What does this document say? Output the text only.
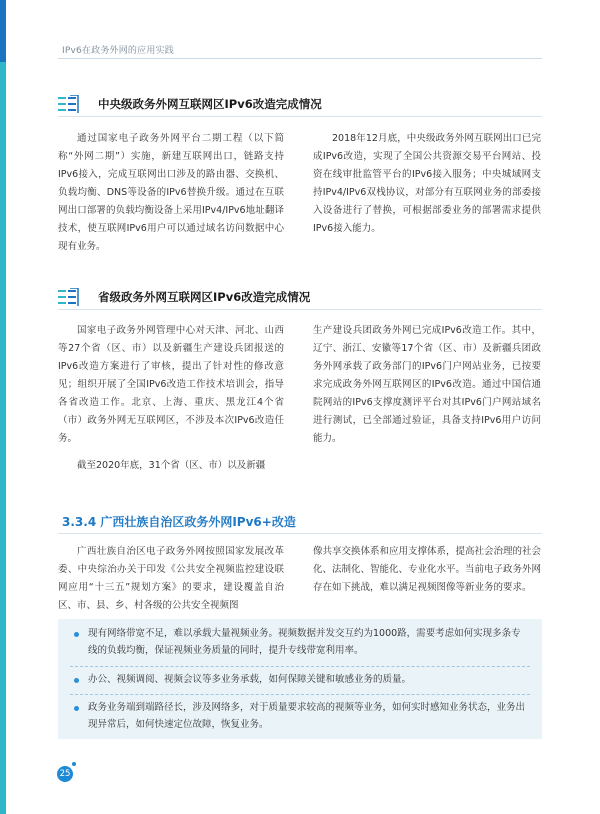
IPv6在政务外网的应用实践
中央级政务外网互联网区IPv6改造完成情况

通过国家电子政务外网平台二期工程（以下简称“外网二期”）实施，新建互联网出口，链路支持IPv6接入，完成互联网出口涉及的路由器、交换机、负载均衡、DNS等设备的IPv6替换升级。通过在互联网出口部署的负载均衡设备上采用IPv4/IPv6地址翻译技术，使互联网IPv6用户可以通过域名访问数据中心现有业务。

2018年12月底，中央级政务外网互联网出口已完成IPv6改造，实现了全国公共资源交易平台网站、投资在线审批监管平台的IPv6接入服务；中央城域网支持IPv4/IPv6双栈协议，对部分有互联网业务的部委接入设备进行了替换，可根据部委业务的部署需求提供IPv6接入能力。

省级政务外网互联网区IPv6改造完成情况

国家电子政务外网管理中心对天津、河北、山西等27个省（区、市）以及新疆生产建设兵团报送的IPv6改造方案进行了审核，提出了针对性的修改意见；组织开展了全国IPv6改造工作技术培训会，指导各省改造工作。北京、上海、重庆、黑龙江4个省（市）政务外网无互联网区，不涉及本次IPv6改造任务。

截至2020年底，31个省（区、市）以及新疆

生产建设兵团政务外网已完成IPv6改造工作。其中，辽宁、浙江、安徽等17个省（区、市）及新疆兵团政务外网承载了政务部门的IPv6门户网站业务，已按要求完成政务外网互联网区的IPv6改造。通过中国信通院网站的IPv6支撑度测评平台对其IPv6门户网站域名进行测试，已全部通过验证，具备支持IPv6用户访问能力。

3.3.4 广西壮族自治区政务外网IPv6+改造

广西壮族自治区电子政务外网按照国家发展改革委、中央综治办关于印发《公共安全视频监控建设联网应用“十三五”规划方案》的要求，建设覆盖自治区、市、县、乡、村各级的公共安全视频图

像共享交换体系和应用支撑体系，提高社会治理的社会化、法制化、智能化、专业化水平。当前电子政务外网存在如下挑战，难以满足视频图像等新业务的要求。

现有网络带宽不足，难以承载大量视频业务。视频数据并发交互约为1000路，需要考虑如何实现多条专线的负载均衡，保证视频业务质量的同时，提升专线带宽利用率。
办公、视频调阅、视频会议等多业务承载，如何保障关键和敏感业务的质量。
政务业务端到端路径长，涉及网络多，对于质量要求较高的视频等业务，如何实时感知业务状态，业务出现异常后，如何快速定位故障，恢复业务。
25
